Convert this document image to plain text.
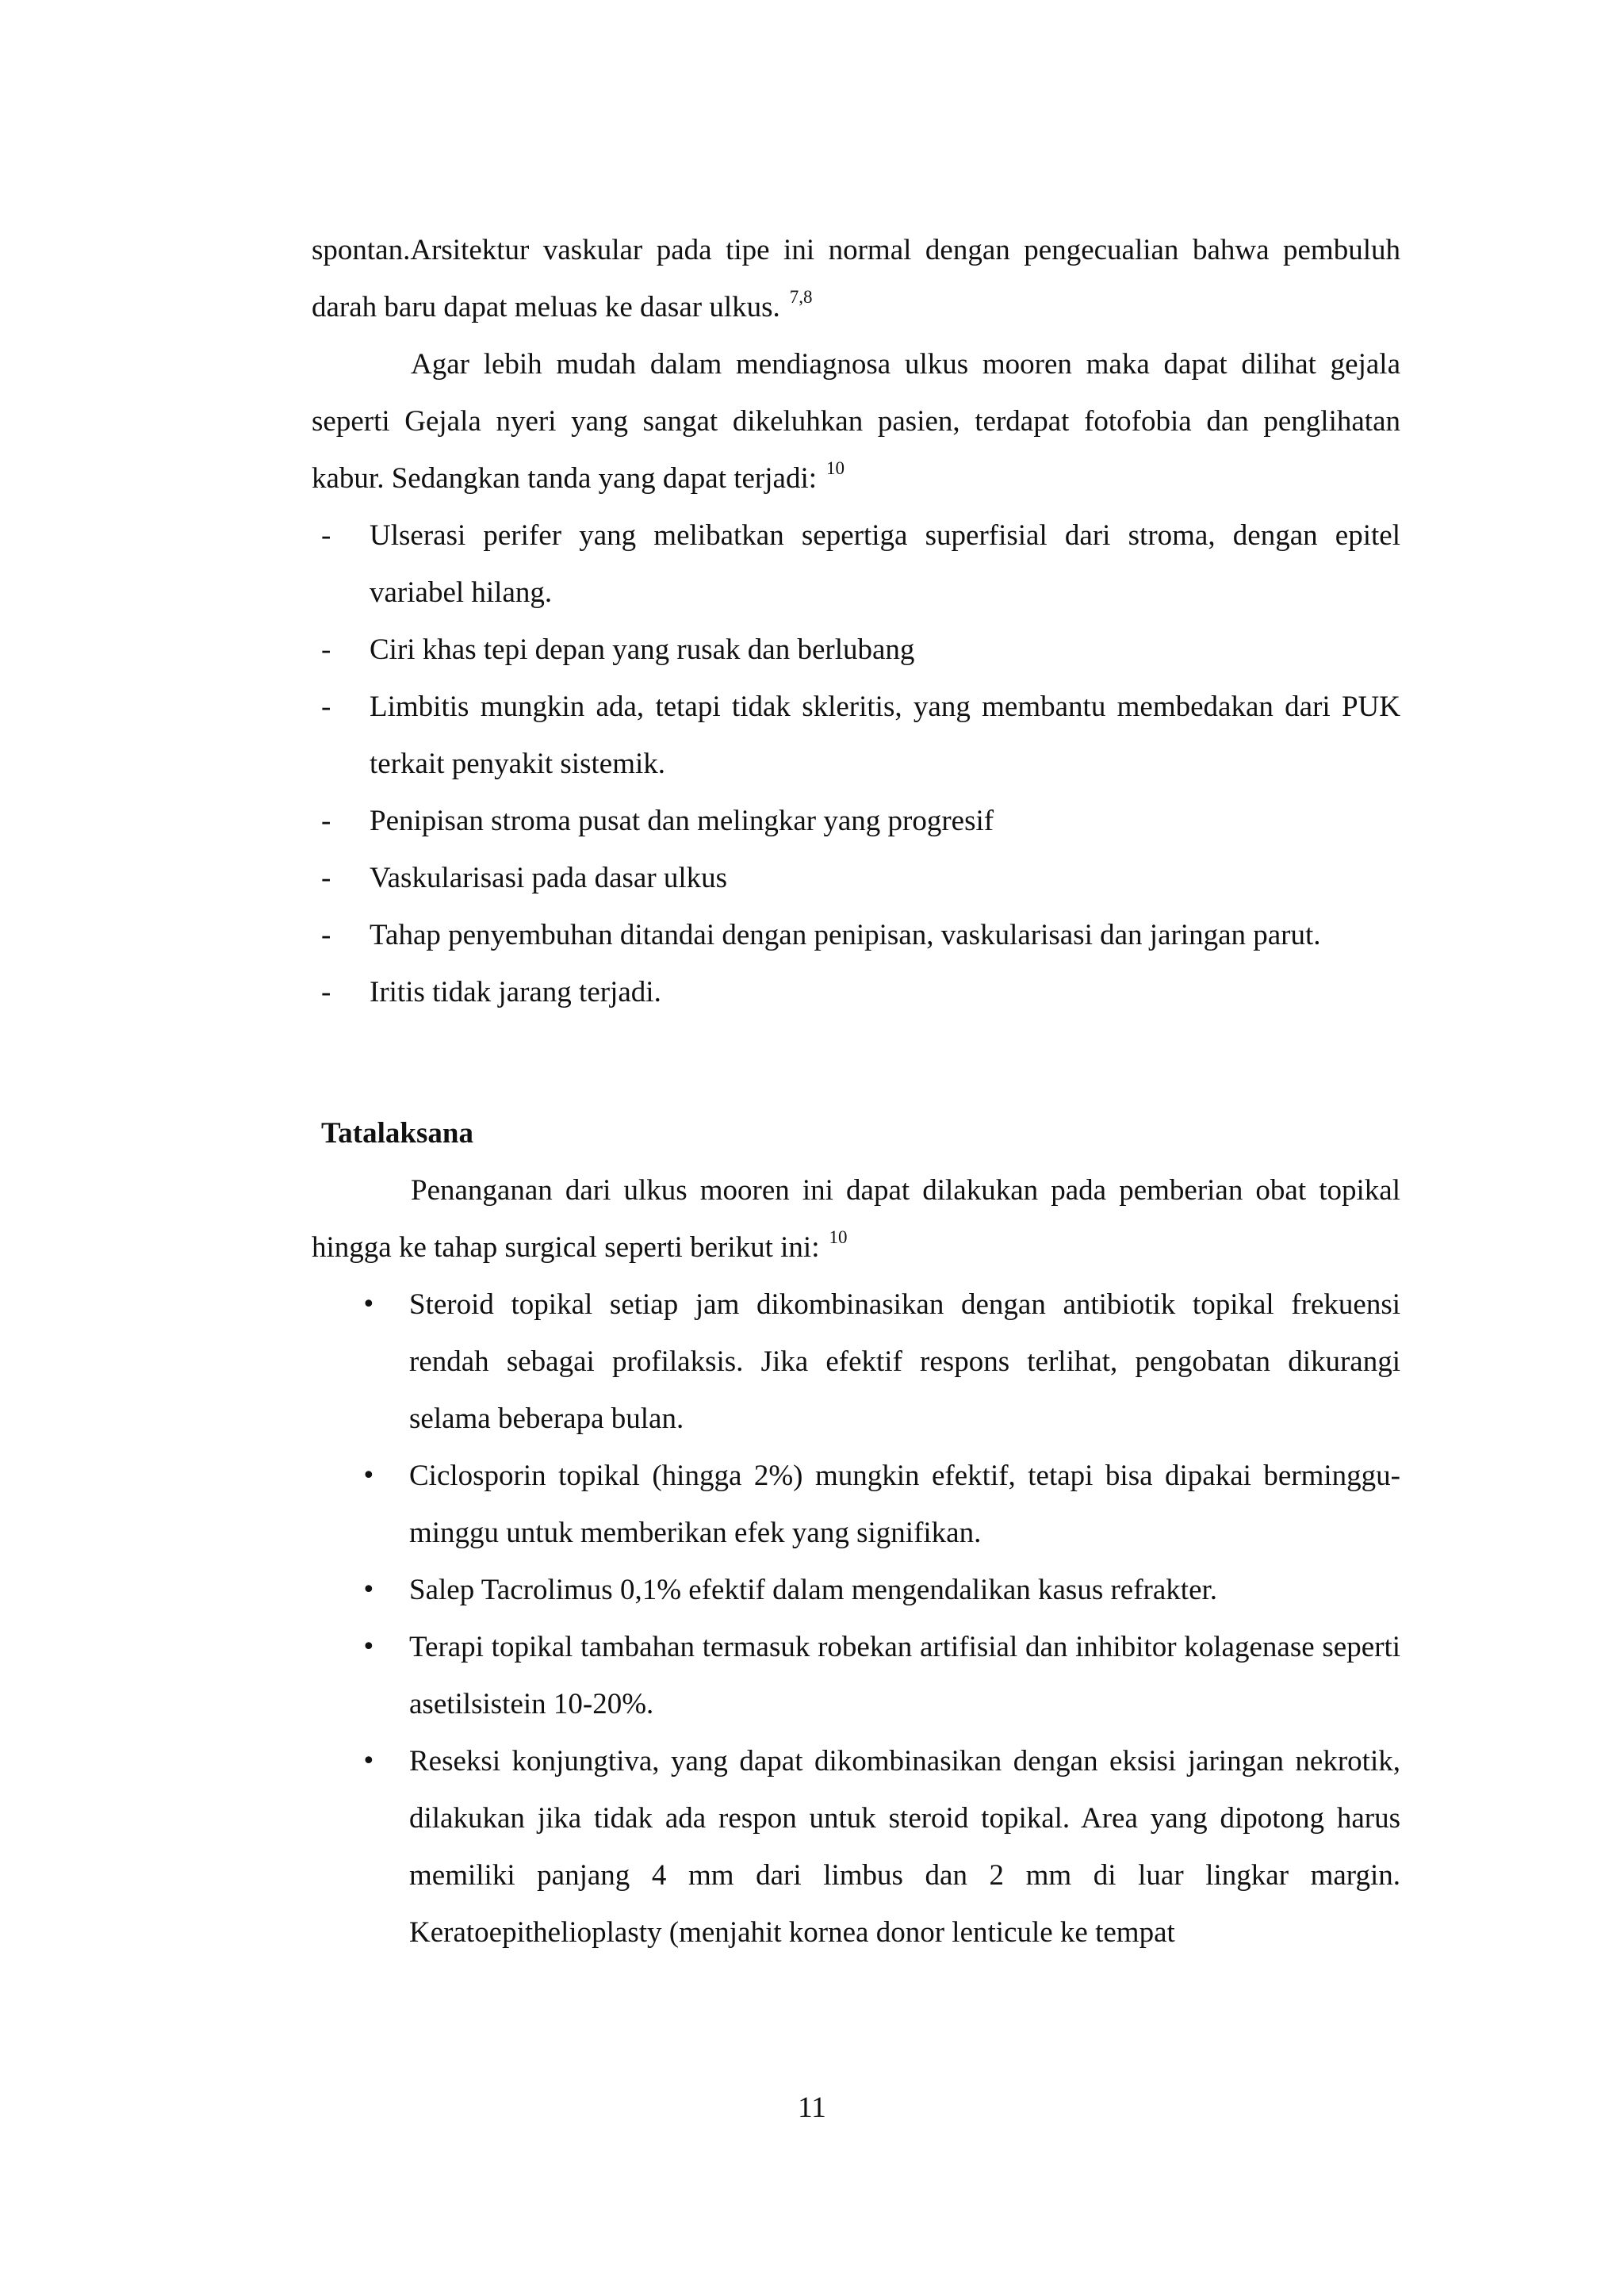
spontan.Arsitektur vaskular pada tipe ini normal dengan pengecualian bahwa pembuluh darah baru dapat meluas ke dasar ulkus. $^{7,8}$

Agar lebih mudah dalam mendiagnosa ulkus mooren maka dapat dilihat gejala seperti Gejala nyeri yang sangat dikeluhkan pasien, terdapat fotofobia dan penglihatan kabur. Sedangkan tanda yang dapat terjadi: $^{10}$

- Ulserasi perifer yang melibatkan sepertiga superfisial dari stroma, dengan epitel variabel hilang.
- Ciri khas tepi depan yang rusak dan berlubang
- Limbitis mungkin ada, tetapi tidak skleritis, yang membantu membedakan dari PUK terkait penyakit sistemik.
- Penipisan stroma pusat dan melingkar yang progresif
- Vaskularisasi pada dasar ulkus
- Tahap penyembuhan ditandai dengan penipisan, vaskularisasi dan jaringan parut.
- Iritis tidak jarang terjadi.
Tatalaksana

Penanganan dari ulkus mooren ini dapat dilakukan pada pemberian obat topikal hingga ke tahap surgical seperti berikut ini: $^{10}$

• Steroid topikal setiap jam dikombinasikan dengan antibiotik topikal frekuensi rendah sebagai profilaksis. Jika efektif respons terlihat, pengobatan dikurangi selama beberapa bulan.
• Ciclosporin topikal (hingga 2%) mungkin efektif, tetapi bisa dipakai berminggu-minggu untuk memberikan efek yang signifikan.
• Salep Tacrolimus 0,1% efektif dalam mengendalikan kasus refrakter.
• Terapi topikal tambahan termasuk robekan artifisial dan inhibitor kolagenase seperti asetilsistein 10-20%.
• Reseksi konjungtiva, yang dapat dikombinasikan dengan eksisi jaringan nekrotik, dilakukan jika tidak ada respon untuk steroid topikal. Area yang dipotong harus memiliki panjang 4 mm dari limbus dan 2 mm di luar lingkar margin. Keratoepithelioplasty (menjahit kornea donor lenticule ke tempat
11
